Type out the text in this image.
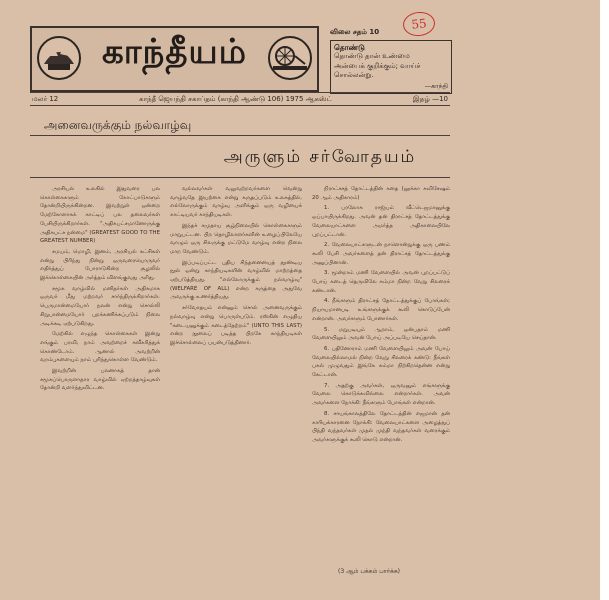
காந்தீயம்	விலை சதம் 10
தொண்டு
தொண்டு தான் உண்மை
அன்பைக் குறிக்கும்; வாய்ச்
சொல்லன்று.
—காந்தி
55
மலர் 12	காந்தீ ஜெயந்தி சகாப்தம் (காந்தி ஆண்டு 106) 1975 ஆகஸ்ட்	இதழ் —10
அனைவருக்கும் நல்வாழ்வு
அருளும் சர்வோதயம்

அரசியல் உலகில் இதுவரை பல கொள்கைகளும் கோட்பாடுகளும் தோன்றியிருக்கின்றன. இவற்றுள் ஒன்றை மேற்கோளாகக் காட்டிப் பல தலைவர்கள் பேசியிருக்கிறார்கள். "அதிகபட்சமானோருக்கு அதிகபட்ச நன்மை" (GREATEST GOOD TO THE GREATEST NUMBER)

சமயம், மொழி, இனம், அரசியல் கட்சிகள் என்று பிரிந்து நின்று ஒருவரையொருவர் எதிர்த்துப் போராடுகின்ற சூழலில் இக்கொள்கையின் அர்த்தம் விளங்குவது அரிது.

சமூக வாழ்வில் மனிதர்கள் அதிகமாக ஒருவர் மீது மற்றவர் சார்ந்திருக்கிறார்கள். பெருமான்மையோர் நலன் என்று சொல்லி சிறுபான்மையோர் புறக்கணிக்கப்படும் நிலை அடிக்கடி ஏற்படுகிறது.

மேற்கில் எழுந்த கொள்கைகள் இன்று எங்கும் பரவி, நாம் அவற்றைச் சுவீகரித்துக் கொண்டோம். ஆனால் அவற்றின் வரம்புகளையும் நாம் புரிந்துகொள்ள வேண்டும்.

இவற்றின் பலனாகத் தான் சமூகப்பொருளாதார வாழ்வில் ஏற்றத்தாழ்வுகள் தோன்றி வளர்ந்துவிட்டன.

வல்லவர்கள் வலுவற்றவர்களை வென்று வாழ்வதே இயற்கை என்று கருதப்படும் உலகத்தில், எல்லோருக்கும் வாழ்வு அளிக்கும் ஒரு வழியைக் காட்டியவர் காந்தியடிகள்.

இந்தச் சமுதாய சூழ்நிலையில் கொள்கைகளும் மாறுபட்டன. பிற தொழிலாளர்களின் உழைப்பிலேயே வாழும் ஒரு சிலருக்கு மட்டுமே வாழ்வு என்ற நிலை மாற வேண்டும்.

இப்படிப்பட்ட புதிய சிந்தனையைத் தூண்டிய நூல் ஒன்று காந்தியடிகளின் வாழ்வில் மாற்றத்தை ஏற்படுத்தியது. "எல்லோருக்கும் நல்வாழ்வு" (WELFARE OF ALL) என்ற கருத்தை அதுவே அவருக்கு உணர்த்தியது.

சர்வோதயம் என்னும் சொல் அனைவருக்கும் நல்வாழ்வு என்று பொருள்படும். ரஸ்கின் எழுதிய "கடையனுக்கும் கடைத்தேற்றம்" (UNTO THIS LAST) என்ற நூலைப் படித்த பிறகே காந்தியடிகள் இச்சொல்லைப் பயன்படுத்தினார்.

நிராட்சசத் தோட்டத்தின் கதை (லூக்கா சுவிசேஷம் 20 ஆம் அதிகாரம்)

1. பரலோக ராஜ்யம் வீட்டெஜமானுக்கு ஒப்பாயிருக்கிறது. அவன் தன் திராட்சத் தோட்டத்துக்கு வேலையாட்களை அமர்த்த அதிகாலையிலே புறப்பட்டான்.

2. வேலையாட்களுடன் நாளொன்றுக்கு ஒரு பணம் கூலி பேசி அவர்களைத் தன் திராட்சத் தோட்டத்துக்கு அனுப்பினான்.

3. மூன்றாம் மணி வேளையில் அவன் புறப்பட்டுப் போய் கடைத் தெருவிலே சும்மா நின்ற வேறு சிலரைக் கண்டான்.

4. நீங்களும் திராட்சத் தோட்டத்துக்குப் போங்கள்; நியாயமானபடி உங்களுக்குக் கூலி கொடுப்பேன் என்றான். அவர்களும் போனார்கள்.

5. மறுபடியும் ஆறாம், ஒன்பதாம் மணி வேளையிலும் அவன் போய் அப்படியே செய்தான்.

6. பதினோராம் மணி வேளையிலும் அவன் போய் வேலையில்லாமல் நின்ற வேறு சிலரைக் கண்டு: நீங்கள் பகல் முழுவதும் இங்கே சும்மா நிற்கிறதென்ன என்று கேட்டான்.

7. அதற்கு அவர்கள், ஒருவனும் எங்களுக்கு வேலை கொடுக்கவில்லை என்றார்கள். அவன் அவர்களை நோக்கி: நீங்களும் போங்கள் என்றான்.

8. சாயங்காலத்திலே தோட்டத்தின் எஜமான் தன் காரியக்காரனை நோக்கி: வேலையாட்களை அழைத்துப் பிந்தி வந்தவர்கள் முதல் முந்தி வந்தவர்கள் வரைக்கும் அவர்களுக்குக் கூலி கொடு என்றான்.

(3 ஆம் பக்கம் பார்க்க)
